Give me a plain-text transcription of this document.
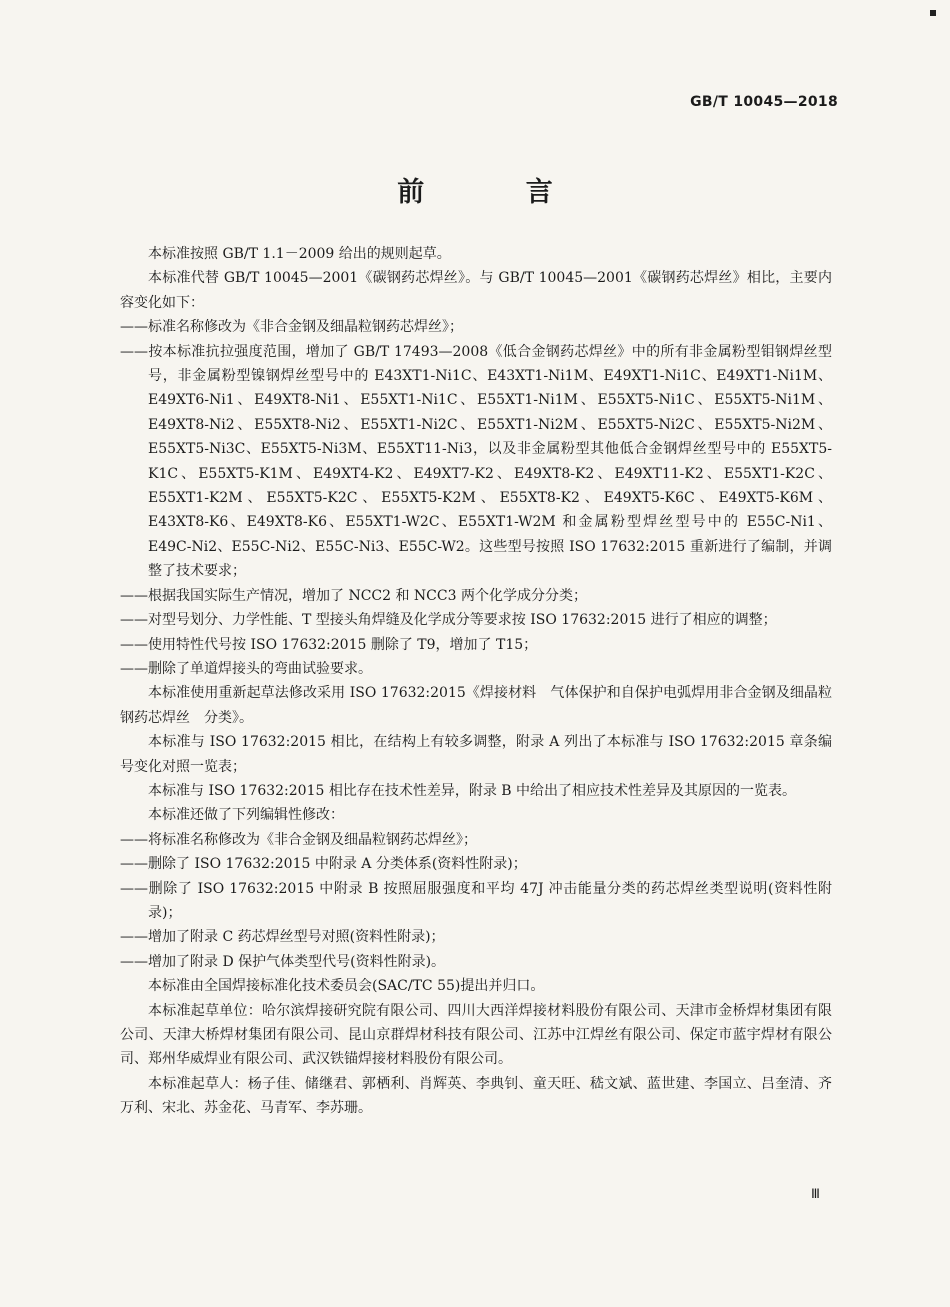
GB/T 10045—2018
前 言

本标准按照 GB/T 1.1－2009 给出的规则起草。

本标准代替 GB/T 10045—2001《碳钢药芯焊丝》。与 GB/T 10045—2001《碳钢药芯焊丝》相比，主要内容变化如下：

——标准名称修改为《非合金钢及细晶粒钢药芯焊丝》；

——按本标准抗拉强度范围，增加了 GB/T 17493—2008《低合金钢药芯焊丝》中的所有非金属粉型钼钢焊丝型号，非金属粉型镍钢焊丝型号中的 E43XT1-Ni1C、E43XT1-Ni1M、E49XT1-Ni1C、E49XT1-Ni1M、E49XT6-Ni1、E49XT8-Ni1、E55XT1-Ni1C、E55XT1-Ni1M、E55XT5-Ni1C、E55XT5-Ni1M、E49XT8-Ni2、E55XT8-Ni2、E55XT1-Ni2C、E55XT1-Ni2M、E55XT5-Ni2C、E55XT5-Ni2M、E55XT5-Ni3C、E55XT5-Ni3M、E55XT11-Ni3，以及非金属粉型其他低合金钢焊丝型号中的 E55XT5-K1C、E55XT5-K1M、E49XT4-K2、E49XT7-K2、E49XT8-K2、E49XT11-K2、E55XT1-K2C、E55XT1-K2M、E55XT5-K2C、E55XT5-K2M、E55XT8-K2、E49XT5-K6C、E49XT5-K6M、E43XT8-K6、E49XT8-K6、E55XT1-W2C、E55XT1-W2M 和金属粉型焊丝型号中的 E55C-Ni1、E49C-Ni2、E55C-Ni2、E55C-Ni3、E55C-W2。这些型号按照 ISO 17632:2015 重新进行了编制，并调整了技术要求；

——根据我国实际生产情况，增加了 NCC2 和 NCC3 两个化学成分分类；

——对型号划分、力学性能、T 型接头角焊缝及化学成分等要求按 ISO 17632:2015 进行了相应的调整；

——使用特性代号按 ISO 17632:2015 删除了 T9，增加了 T15；

——删除了单道焊接头的弯曲试验要求。

本标准使用重新起草法修改采用 ISO 17632:2015《焊接材料　气体保护和自保护电弧焊用非合金钢及细晶粒钢药芯焊丝　分类》。

本标准与 ISO 17632:2015 相比，在结构上有较多调整，附录 A 列出了本标准与 ISO 17632:2015 章条编号变化对照一览表；

本标准与 ISO 17632:2015 相比存在技术性差异，附录 B 中给出了相应技术性差异及其原因的一览表。

本标准还做了下列编辑性修改：

——将标准名称修改为《非合金钢及细晶粒钢药芯焊丝》；

——删除了 ISO 17632:2015 中附录 A 分类体系(资料性附录)；

——删除了 ISO 17632:2015 中附录 B 按照屈服强度和平均 47J 冲击能量分类的药芯焊丝类型说明(资料性附录)；

——增加了附录 C 药芯焊丝型号对照(资料性附录)；

——增加了附录 D 保护气体类型代号(资料性附录)。

本标准由全国焊接标准化技术委员会(SAC/TC 55)提出并归口。

本标准起草单位：哈尔滨焊接研究院有限公司、四川大西洋焊接材料股份有限公司、天津市金桥焊材集团有限公司、天津大桥焊材集团有限公司、昆山京群焊材科技有限公司、江苏中江焊丝有限公司、保定市蓝宇焊材有限公司、郑州华威焊业有限公司、武汉铁锚焊接材料股份有限公司。

本标准起草人：杨子佳、储继君、郭栖利、肖辉英、李典钊、童天旺、嵇文斌、蓝世建、李国立、吕奎清、齐万利、宋北、苏金花、马青军、李苏珊。

Ⅲ
